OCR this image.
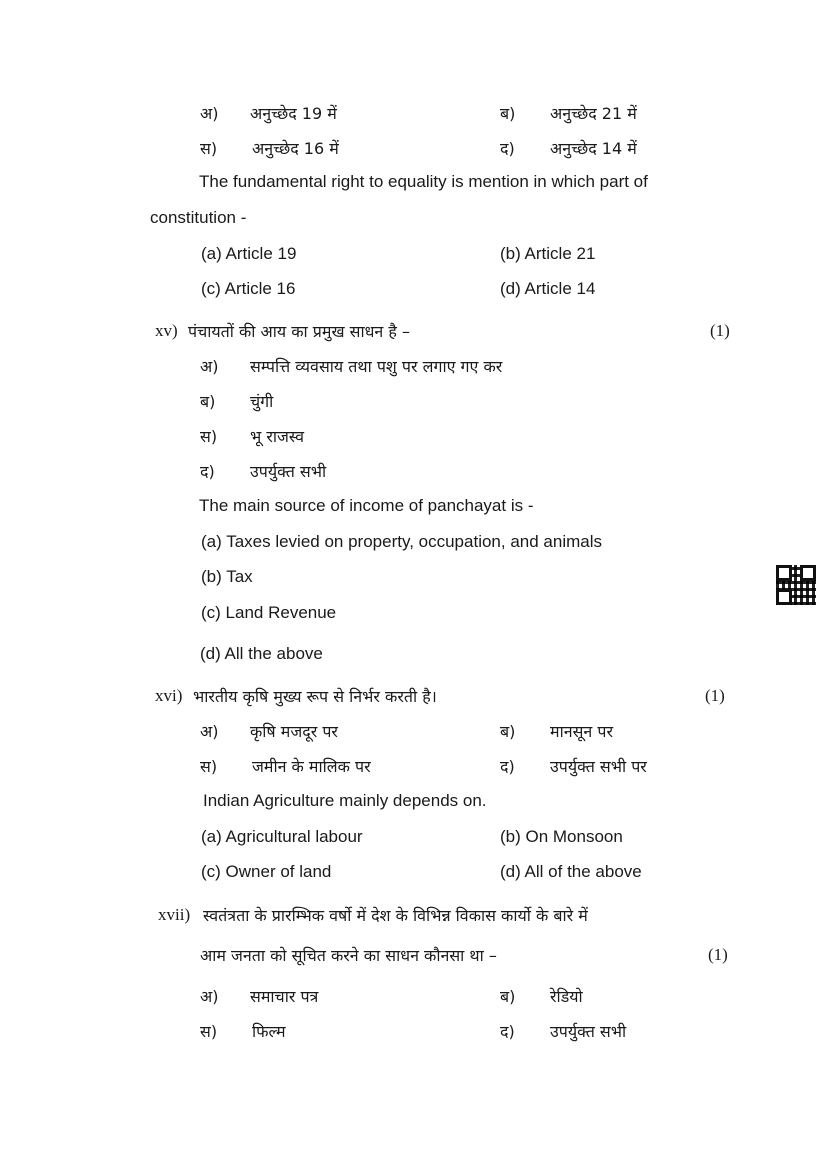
अ) अनुच्छेद 19 में	ब) अनुच्छेद 21 में
स) अनुच्छेद 16 में	द) अनुच्छेद 14 में
The fundamental right to equality is mention in which part of
constitution -
(a) Article 19	(b) Article 21
(c) Article 16	(d) Article 14
xv) पंचायतों की आय का प्रमुख साधन है –	(1)
अ) सम्पत्ति व्यवसाय तथा पशु पर लगाए गए कर
ब) चुंगी
स) भू राजस्व
द) उपर्युक्त सभी
The main source of income of panchayat is -
(a) Taxes levied on property, occupation, and animals
(b) Tax
(c) Land Revenue
(d) All the above
xvi) भारतीय कृषि मुख्य रूप से निर्भर करती है।	(1)
अ) कृषि मजदूर पर	ब) मानसून पर
स) जमीन के मालिक पर	द) उपर्युक्त सभी पर
Indian Agriculture mainly depends on.
(a) Agricultural labour	(b) On Monsoon
(c) Owner of land	(d) All of the above
xvii) स्वतंत्रता के प्रारम्भिक वर्षो में देश के विभिन्न विकास कार्यो के बारे में
आम जनता को सूचित करने का साधन कौनसा था –	(1)
अ) समाचार पत्र	ब) रेडियो
स) फिल्म	द) उपर्युक्त सभी
